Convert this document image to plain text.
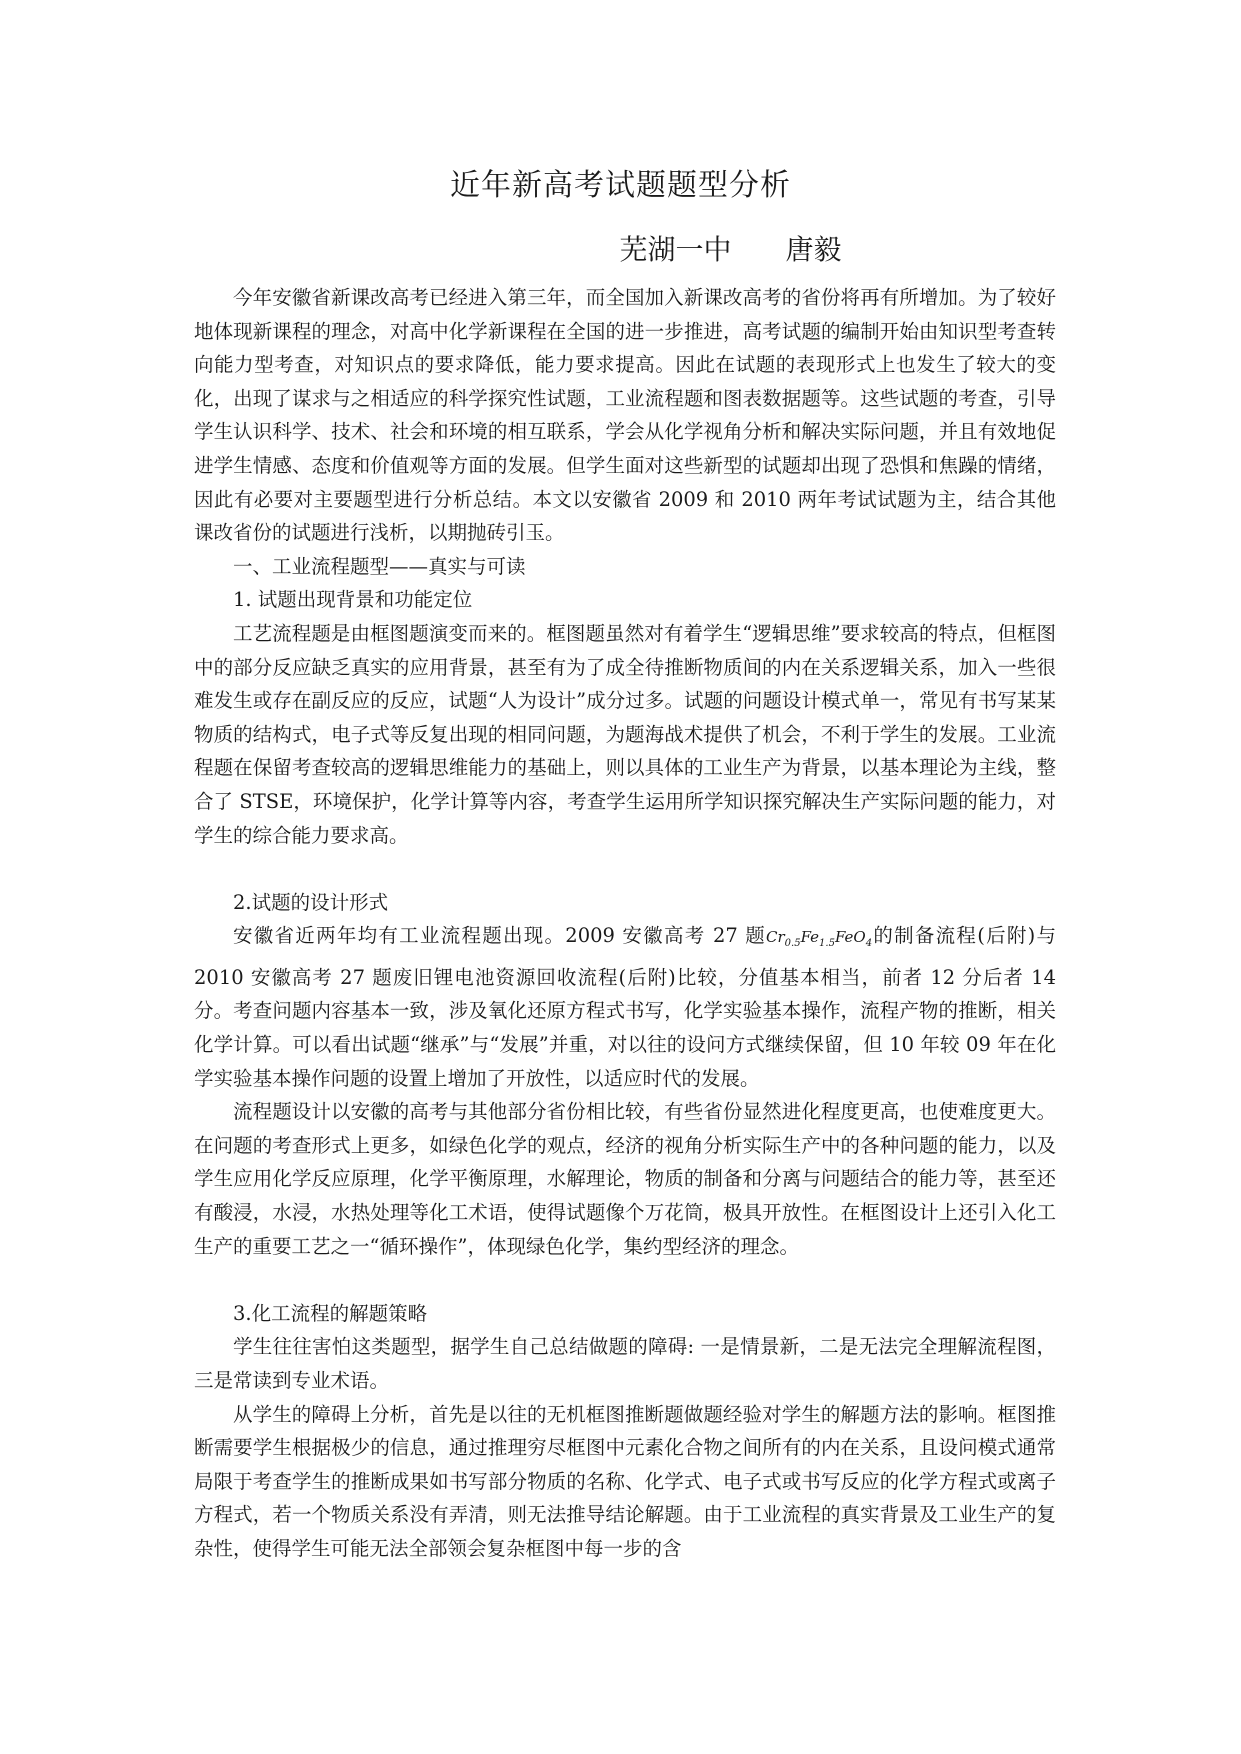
近年新高考试题题型分析
芜湖一中 唐毅

今年安徽省新课改高考已经进入第三年，而全国加入新课改高考的省份将再有所增加。为了较好地体现新课程的理念，对高中化学新课程在全国的进一步推进，高考试题的编制开始由知识型考查转向能力型考查，对知识点的要求降低，能力要求提高。因此在试题的表现形式上也发生了较大的变化，出现了谋求与之相适应的科学探究性试题，工业流程题和图表数据题等。这些试题的考查，引导学生认识科学、技术、社会和环境的相互联系，学会从化学视角分析和解决实际问题，并且有效地促进学生情感、态度和价值观等方面的发展。但学生面对这些新型的试题却出现了恐惧和焦躁的情绪，因此有必要对主要题型进行分析总结。本文以安徽省 2009 和 2010 两年考试试题为主，结合其他课改省份的试题进行浅析，以期抛砖引玉。

一、工业流程题型——真实与可读

1. 试题出现背景和功能定位

工艺流程题是由框图题演变而来的。框图题虽然对有着学生“逻辑思维”要求较高的特点，但框图中的部分反应缺乏真实的应用背景，甚至有为了成全待推断物质间的内在关系逻辑关系，加入一些很难发生或存在副反应的反应，试题“人为设计”成分过多。试题的问题设计模式单一，常见有书写某某物质的结构式，电子式等反复出现的相同问题，为题海战术提供了机会，不利于学生的发展。工业流程题在保留考查较高的逻辑思维能力的基础上，则以具体的工业生产为背景，以基本理论为主线，整合了 STSE，环境保护，化学计算等内容，考查学生运用所学知识探究解决生产实际问题的能力，对学生的综合能力要求高。

2.试题的设计形式

安徽省近两年均有工业流程题出现。2009 安徽高考 27 题$Cr_{0.5}Fe_{1.5}FeO_4$的制备流程(后附)与 2010 安徽高考 27 题废旧锂电池资源回收流程(后附)比较，分值基本相当，前者 12 分后者 14 分。考查问题内容基本一致，涉及氧化还原方程式书写，化学实验基本操作，流程产物的推断，相关化学计算。可以看出试题“继承”与“发展”并重，对以往的设问方式继续保留，但 10 年较 09 年在化学实验基本操作问题的设置上增加了开放性，以适应时代的发展。

流程题设计以安徽的高考与其他部分省份相比较，有些省份显然进化程度更高，也使难度更大。在问题的考查形式上更多，如绿色化学的观点，经济的视角分析实际生产中的各种问题的能力，以及学生应用化学反应原理，化学平衡原理，水解理论，物质的制备和分离与问题结合的能力等，甚至还有酸浸，水浸，水热处理等化工术语，使得试题像个万花筒，极具开放性。在框图设计上还引入化工生产的重要工艺之一“循环操作”，体现绿色化学，集约型经济的理念。

3.化工流程的解题策略

学生往往害怕这类题型，据学生自己总结做题的障碍: 一是情景新，二是无法完全理解流程图，三是常读到专业术语。

从学生的障碍上分析，首先是以往的无机框图推断题做题经验对学生的解题方法的影响。框图推断需要学生根据极少的信息，通过推理穷尽框图中元素化合物之间所有的内在关系，且设问模式通常局限于考查学生的推断成果如书写部分物质的名称、化学式、电子式或书写反应的化学方程式或离子方程式，若一个物质关系没有弄清，则无法推导结论解题。由于工业流程的真实背景及工业生产的复杂性，使得学生可能无法全部领会复杂框图中每一步的含
